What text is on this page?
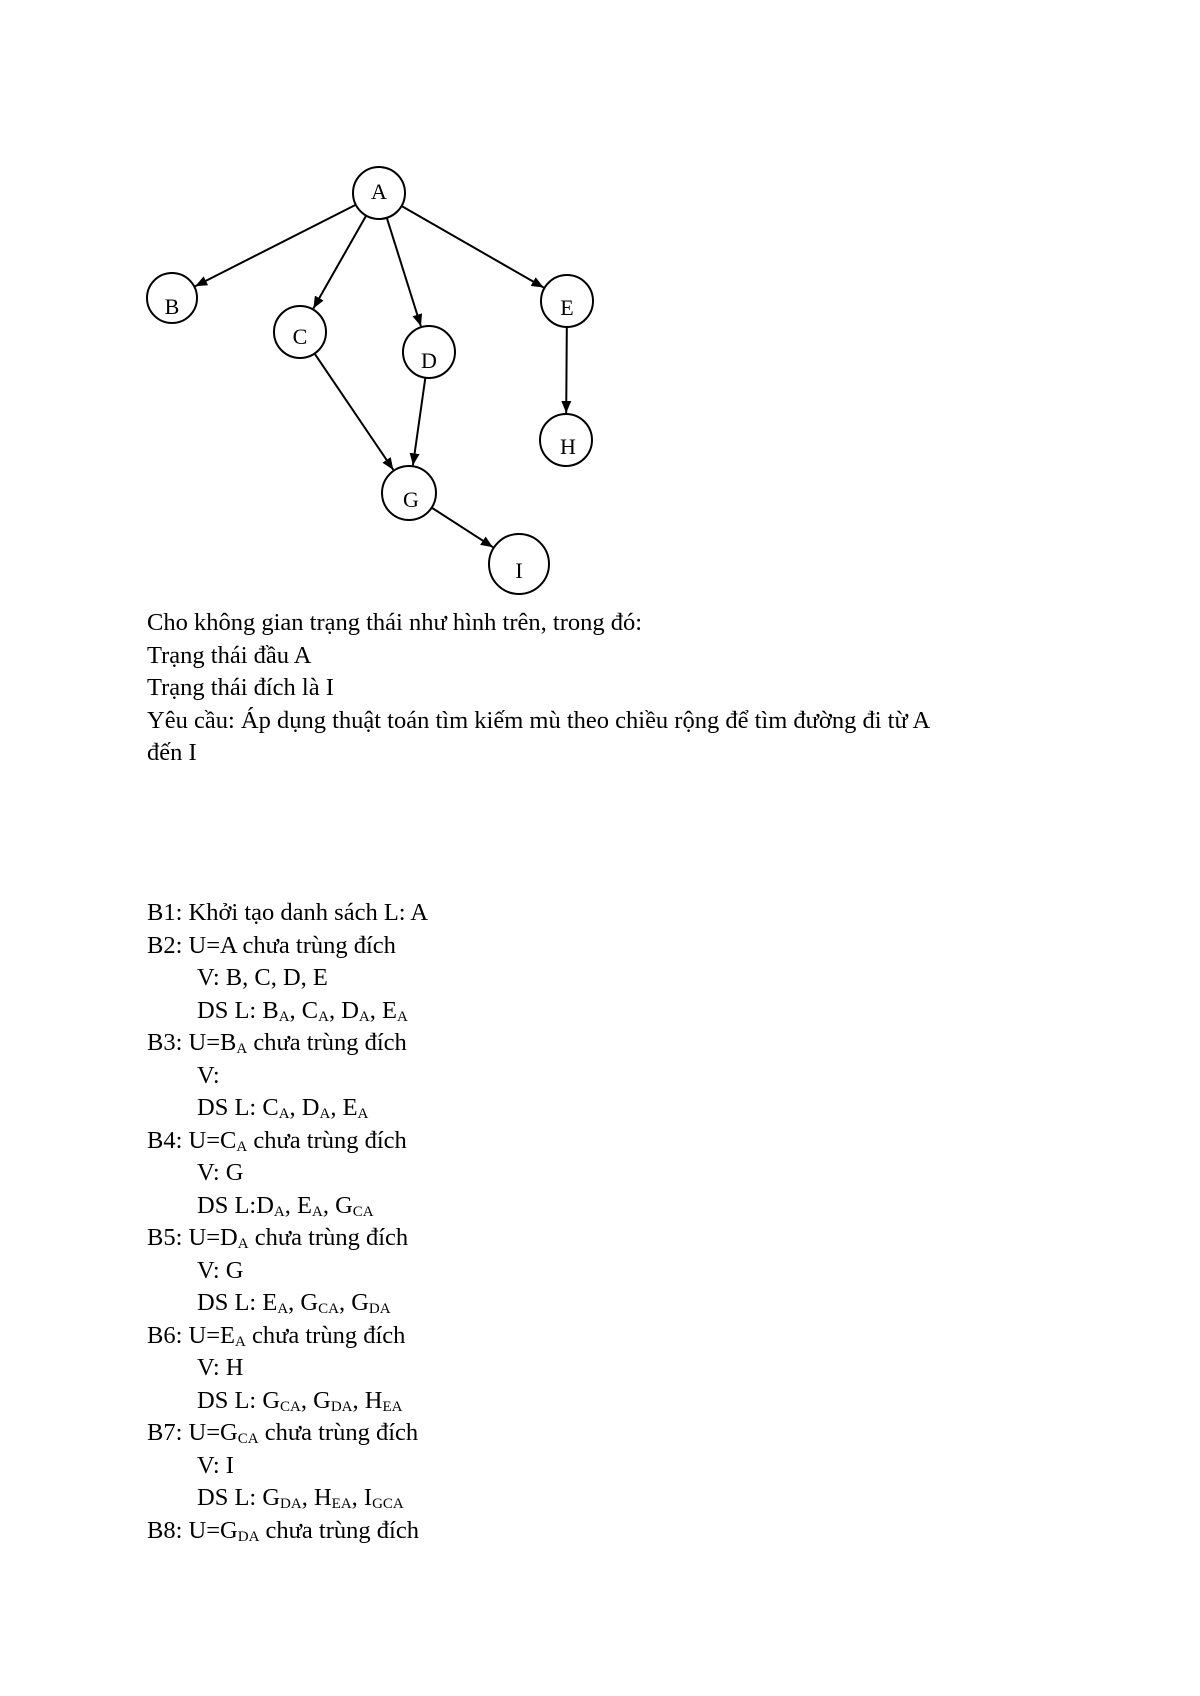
A
B
C
D
E
G
H
I
Cho không gian trạng thái như hình trên, trong đó:
Trạng thái đầu A
Trạng thái đích là I
Yêu cầu: Áp dụng thuật toán tìm kiếm mù theo chiều rộng để tìm đường đi từ A
đến I
B1: Khởi tạo danh sách L: A
B2: U=A chưa trùng đích
V: B, C, D, E
DS L: $B_A$, $C_A$, $D_A$, $E_A$
B3: $U=B_A$ chưa trùng đích
V:
DS L: $C_A$, $D_A$, $E_A$
B4: $U=C_A$ chưa trùng đích
V: G
DS $L:D_A$, $E_A$, $G_{CA}$
B5: $U=D_A$ chưa trùng đích
V: G
DS L: $E_A$, $G_{CA}$, $G_{DA}$
B6: $U=E_A$ chưa trùng đích
V: H
DS L: $G_{CA}$, $G_{DA}$, $H_{EA}$
B7: $U=G_{CA}$ chưa trùng đích
V: I
DS L: $G_{DA}$, $H_{EA}$, $I_{GCA}$
B8: $U=G_{DA}$ chưa trùng đích
